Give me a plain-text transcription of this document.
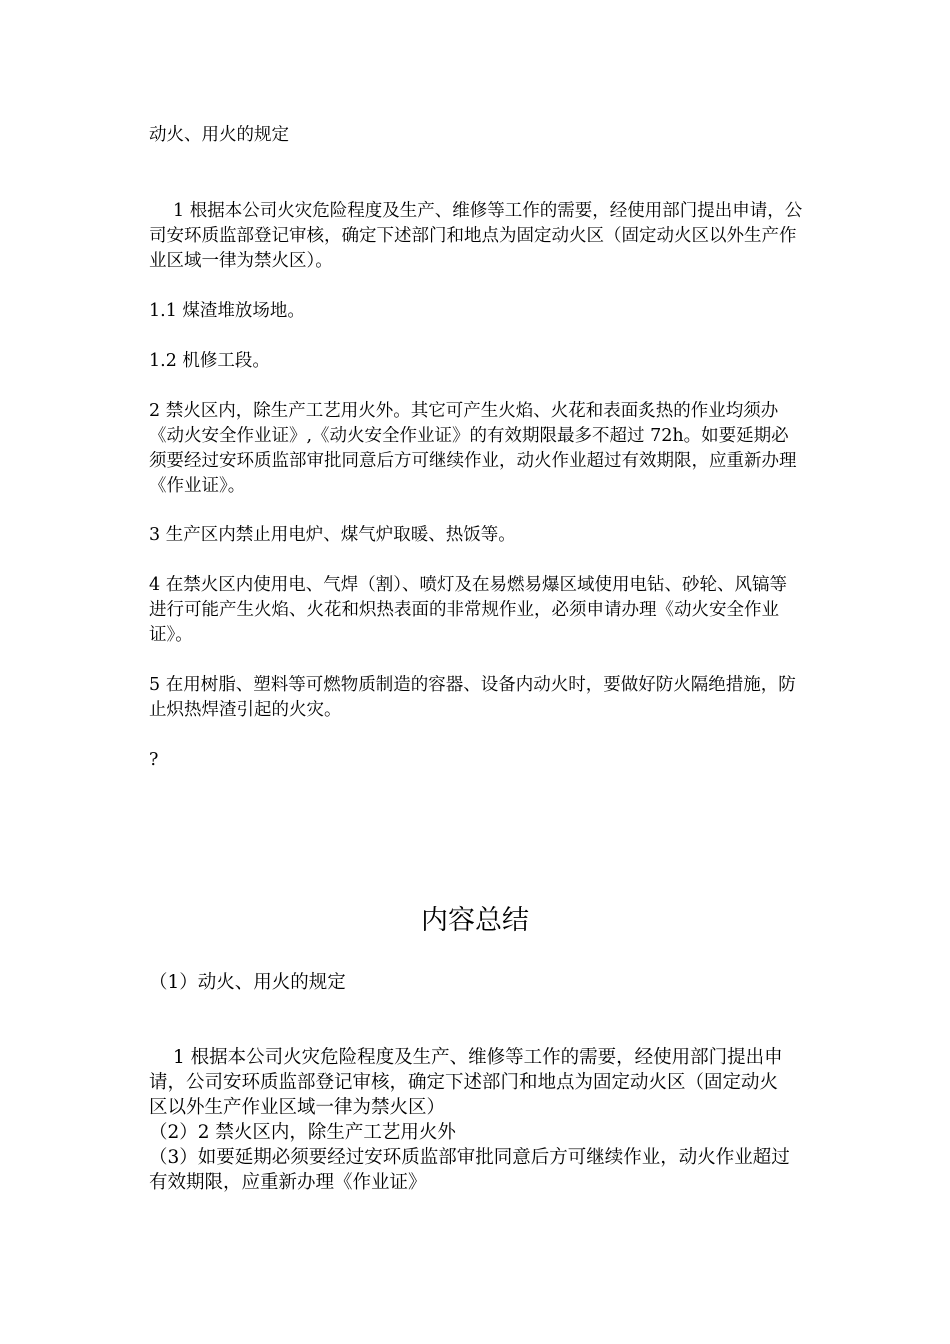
动火、用火的规定

1 根据本公司火灾危险程度及生产、维修等工作的需要，经使用部门提出申请，公司安环质监部登记审核，确定下述部门和地点为固定动火区（固定动火区以外生产作业区域一律为禁火区）。

1.1 煤渣堆放场地。

1.2 机修工段。

2 禁火区内，除生产工艺用火外。其它可产生火焰、火花和表面炙热的作业均须办《动火安全作业证》,《动火安全作业证》的有效期限最多不超过 72h。如要延期必须要经过安环质监部审批同意后方可继续作业，动火作业超过有效期限，应重新办理《作业证》。

3 生产区内禁止用电炉、煤气炉取暖、热饭等。

4 在禁火区内使用电、气焊（割）、喷灯及在易燃易爆区域使用电钻、砂轮、风镐等进行可能产生火焰、火花和炽热表面的非常规作业，必须申请办理《动火安全作业证》。

5 在用树脂、塑料等可燃物质制造的容器、设备内动火时，要做好防火隔绝措施，防止炽热焊渣引起的火灾。

?

内容总结

（1）动火、用火的规定

1 根据本公司火灾危险程度及生产、维修等工作的需要，经使用部门提出申请，公司安环质监部登记审核，确定下述部门和地点为固定动火区（固定动火区以外生产作业区域一律为禁火区）

（2）2 禁火区内，除生产工艺用火外

（3）如要延期必须要经过安环质监部审批同意后方可继续作业，动火作业超过有效期限，应重新办理《作业证》
